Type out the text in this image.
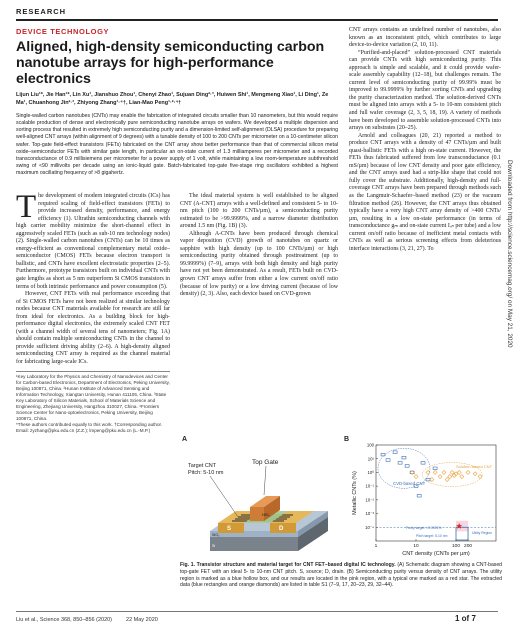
RESEARCH
DEVICE TECHNOLOGY
Aligned, high-density semiconducting carbon nanotube arrays for high-performance electronics
Lijun Liu¹*, Jie Han¹*, Lin Xu¹, Jianshuo Zhou¹, Chenyi Zhao¹, Sujuan Ding²·³, Huiwen Shi¹, Mengmeng Xiao¹, Li Ding¹, Ze Ma¹, Chuanhong Jin²·³, Zhiyong Zhang¹·⁴†, Lian-Mao Peng¹·²·⁴†
Single-walled carbon nanotubes (CNTs) may enable the fabrication of integrated circuits smaller than 10 nanometers, but this would require scalable production of dense and electronically pure semiconducting nanotube arrays on wafers. We developed a multiple dispersion and sorting process that resulted in extremely high semiconducting purity and a dimension-limited self-alignment (DLSA) procedure for preparing well-aligned CNT arrays (within alignment of 9 degrees) with a tunable density of 100 to 200 CNTs per micrometer on a 10-centimeter silicon wafer. Top-gate field-effect transistors (FETs) fabricated on the CNT array show better performance than that of commercial silicon metal oxide–semiconductor FETs with similar gate length, in particular an on-state current of 1.3 milliamperes per micrometer and a recorded transconductance of 0.9 millisiemens per micrometer for a power supply of 1 volt, while maintaining a low room-temperature subthreshold swing of <90 millivolts per decade using an ionic-liquid gate. Batch-fabricated top-gate five-stage ring oscillators exhibited a highest maximum oscillating frequency of >8 gigahertz.

The development of modern integrated circuits (ICs) has required scaling of field-effect transistors (FETs) to provide increased density, performance, and energy efficiency (1). Ultrathin semiconducting channels with high carrier mobility minimize the short-channel effect in aggressively scaled FETs (such as sub-10 nm technology nodes) (2). Single-walled carbon nanotubes (CNTs) can be 10 times as energy-efficient as conventional complementary metal oxide–semiconductor (CMOS) FETs because electron transport is ballistic, and CNTs have excellent electrostatic properties (2–5). Furthermore, prototype transistors built on individual CNTs with gate lengths as short as 5 nm outperform Si CMOS transistors in terms of both intrinsic performance and power consumption (5).

However, CNT FETs with real performance exceeding that of Si CMOS FETs have not been realized at similar technology nodes because CNT materials available for research are still far from ideal for electronics. As a building block for high-performance digital electronics, the extremely scaled CNT FET (with a channel width of several tens of nanometers; Fig. 1A) should contain multiple semiconducting CNTs in the channel to provide sufficient driving ability (2–6). A high-density aligned semiconducting CNT array is required as the channel material for fabricating large-scale ICs.

¹Key Laboratory for the Physics and Chemistry of Nanodevices and Center for Carbon-based Electronics, Department of Electronics, Peking University, Beijing 100871, China. ²Hunan Institute of Advanced Sensing and Information Technology, Xiangtan University, Hunan 411105, China. ³State Key Laboratory of Silicon Materials, School of Materials Science and Engineering, Zhejiang University, Hangzhou 310027, China. ⁴Frontiers Science Center for Nano-optoelectronics, Peking University, Beijing 100871, China.

*These authors contributed equally to this work. †Corresponding author. Email: zyzhang@pku.edu.cn (Z.Z.); lmpeng@pku.edu.cn (L.-M.P.)

The ideal material system is well established to be aligned CNT (A-CNT) arrays with a well-defined and consistent 5- to 10-nm pitch (100 to 200 CNTs/µm), a semiconducting purity estimated to be >99.9999%, and a narrow diameter distribution around 1.5 nm (Fig. 1B) (3).

Although A-CNTs have been produced through chemical vapor deposition (CVD) growth of nanotubes on quartz or sapphire with high density (up to 100 CNTs/µm) or high semiconducting purity obtained through posttreatment (up to 99.9999%) (7–9), arrays with both high density and high purity have not yet been demonstrated. As a result, FETs built on CVD-grown CNT arrays suffer from either a low current on/off ratio (because of low purity) or a low driving current (because of low density) (2, 3). Also, each device based on CVD-grown

CNT arrays contains an undefined number of nanotubes, also known as an inconsistent pitch, which contributes to large device-to-device variation (2, 10, 11).

“Purified-and-placed” solution-processed CNT materials can provide CNTs with high semiconducting purity. This approach is simple and scalable, and it could provide wafer-scale assembly capability (12–18), but challenges remain. The current level of semiconducting purity of 99.99% must be improved to 99.9999% by further sorting CNTs and upgrading the purity characterization method. The solution-derived CNTs must be aligned into arrays with a 5- to 10-nm consistent pitch and full wafer coverage (2, 3, 5, 18, 19). A variety of methods have been developed to assemble solution-processed CNTs into arrays on substrates (20–25).

Arnold and colleagues (20, 21) reported a method to produce CNT arrays with a density of 47 CNTs/µm and built quasi-ballistic FETs with a high on-state current. However, the FETs thus fabricated suffered from low transconductance (0.1 mS/µm) because of low CNT density and poor gate efficiency, and the CNT arrays used had a strip-like shape that could not fully cover the substrate. Additionally, high-density and full-coverage CNT arrays have been prepared through methods such as the Langmuir-Schaefer–based method (23) or the vacuum filtration method (26). However, the CNT arrays thus obtained typically have a very high CNT array density of >400 CNTs/µm, resulting in a low on-state performance (in terms of transconductance gₘ and on-state current Iₒₙ per tube) and a low current on/off ratio because of inefficient metal contacts with CNTs as well as serious screening effects from deleterious interface interactions (3, 21, 27). To	Downloaded from http://science.sciencemag.org/ on May 21, 2020
A
S	D
HfO₂
SiO₂
Si
Target CNT
Pitch: 5-10 nm
Top Gate
B
100
10¹
10⁰
10⁻¹
10⁻²
10⁻³
10⁻⁴
1	10	100 200
CVD-based CNT
Solution-based CNT
Purity target: >0.0001%
Pitch target: 5-10 nm
Utility Region
CNT density (CNTs per µm)
Metallic CNTs (%)
Fig. 1. Transistor structure and material target for CNT FET–based digital IC technology. (A) Schematic diagram showing a CNT-based top-gate FET with an ideal 5- to 10-nm CNT pitch. S, source; D, drain. (B) Semiconducting purity versus density of CNT arrays. The utility region is marked as a blue hollow box, and our results are located in the pink region, with a typical one marked as a red star. The extracted data (blue rectangles and orange diamonds) are listed in table S1 (7–9, 17, 20–23, 29, 32–44).
Liu et al., Science 368, 850–856 (2020)	22 May 2020	1 of 7
